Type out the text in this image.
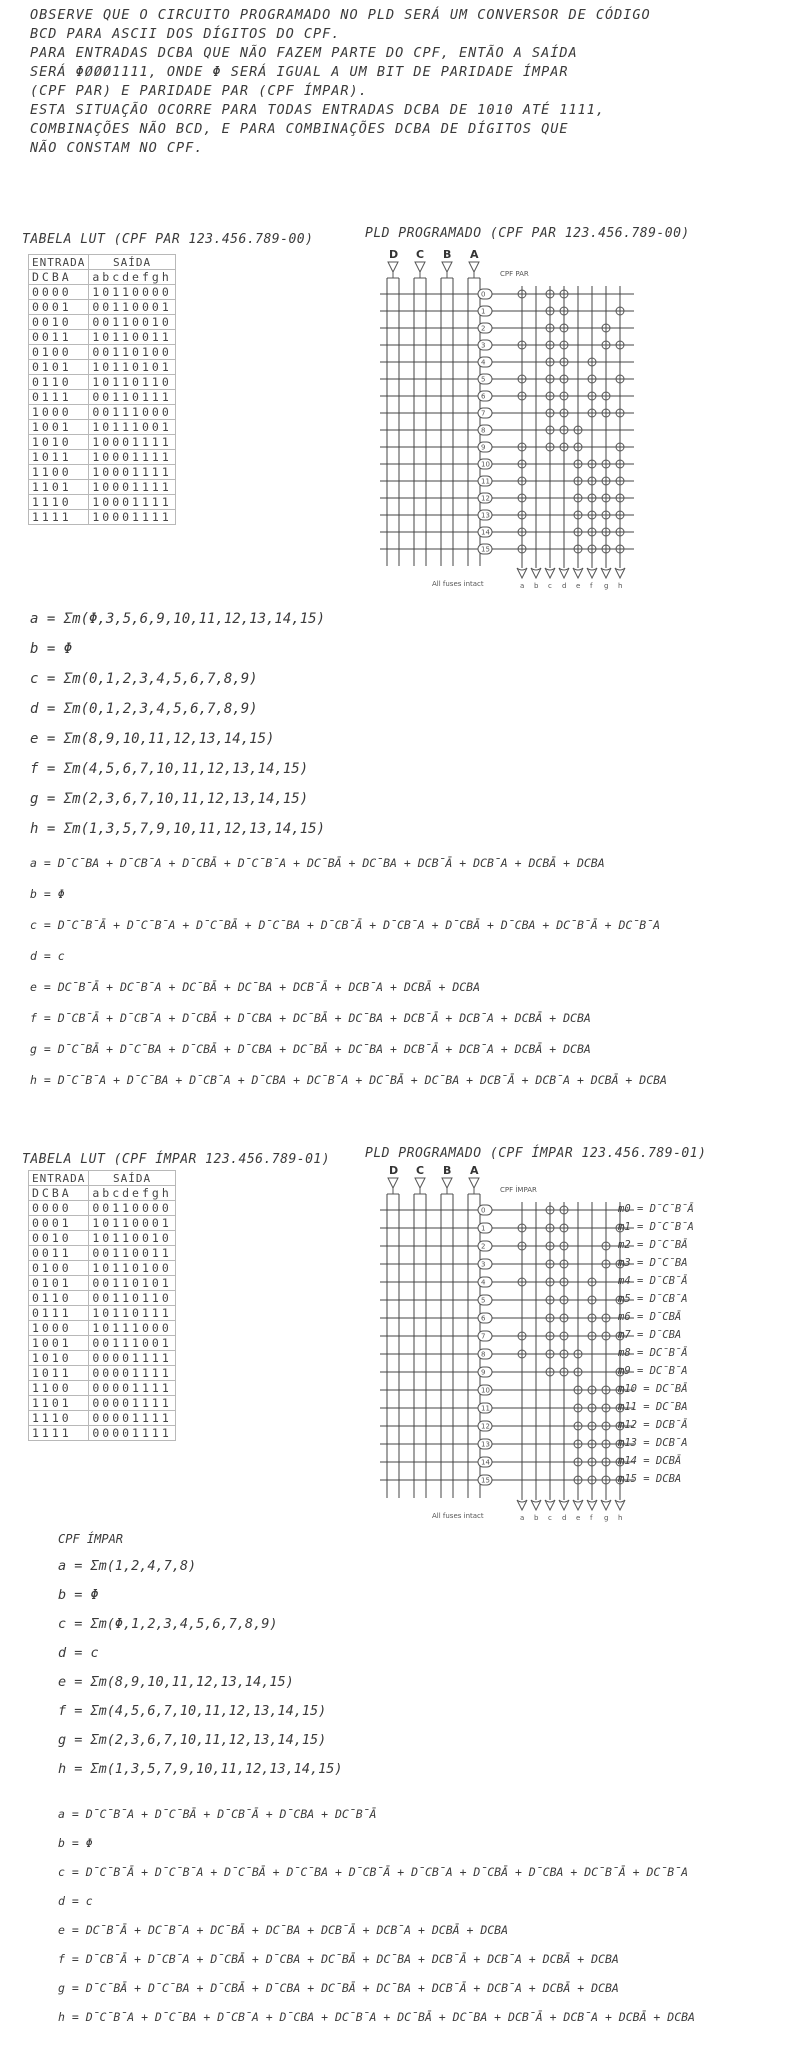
OBSERVE QUE O CIRCUITO PROGRAMADO NO PLD SERÁ UM CONVERSOR DE CÓDIGO
BCD PARA ASCII DOS DÍGITOS DO CPF.
PARA ENTRADAS DCBA QUE NÃO FAZEM PARTE DO CPF, ENTÃO A SAÍDA
SERÁ ΦØØØ1111, ONDE Φ SERÁ IGUAL A UM BIT DE PARIDADE ÍMPAR
(CPF PAR) E PARIDADE PAR (CPF ÍMPAR).
ESTA SITUAÇÃO OCORRE PARA TODAS ENTRADAS DCBA DE 1010 ATÉ 1111,
COMBINAÇÕES NÃO BCD, E PARA COMBINAÇÕES DCBA DE DÍGITOS QUE
NÃO CONSTAM NO CPF.
TABELA LUT (CPF PAR 123.456.789-00)	PLD PROGRAMADO (CPF PAR 123.456.789-00)
ENTRADA	SAÍDA
DCBA	abcdefgh
0000	10110000
0001	00110001
0010	00110010
0011	10110011
0100	00110100
0101	10110101
0110	10110110
0111	00110111
1000	00111000
1001	10111001
1010	10001111
1011	10001111
1100	10001111
1101	10001111
1110	10001111
1111	10001111
D C B A
CPF PAR
0
1
2
3
4
5
6
7
8
9
10
11
12
13
14
15
a b c d e f g h
All fuses intact
a = Σm(Φ,3,5,6,9,10,11,12,13,14,15)
b = Φ
c = Σm(0,1,2,3,4,5,6,7,8,9)
d = Σm(0,1,2,3,4,5,6,7,8,9)
e = Σm(8,9,10,11,12,13,14,15)
f = Σm(4,5,6,7,10,11,12,13,14,15)
g = Σm(2,3,6,7,10,11,12,13,14,15)
h = Σm(1,3,5,7,9,10,11,12,13,14,15)
a = D̄C̄BA + D̄CB̄A + D̄CBĀ + D̄C̄B̄A + DC̄BĀ + DC̄BA + DCB̄Ā + DCB̄A + DCBĀ + DCBA
b = Φ
c = D̄C̄B̄Ā + D̄C̄B̄A + D̄C̄BĀ + D̄C̄BA + D̄CB̄Ā + D̄CB̄A + D̄CBĀ + D̄CBA + DC̄B̄Ā + DC̄B̄A
d = c
e = DC̄B̄Ā + DC̄B̄A + DC̄BĀ + DC̄BA + DCB̄Ā + DCB̄A + DCBĀ + DCBA
f = D̄CB̄Ā + D̄CB̄A + D̄CBĀ + D̄CBA + DC̄BĀ + DC̄BA + DCB̄Ā + DCB̄A + DCBĀ + DCBA
g = D̄C̄BĀ + D̄C̄BA + D̄CBĀ + D̄CBA + DC̄BĀ + DC̄BA + DCB̄Ā + DCB̄A + DCBĀ + DCBA
h = D̄C̄B̄A + D̄C̄BA + D̄CB̄A + D̄CBA + DC̄B̄A + DC̄BĀ + DC̄BA + DCB̄Ā + DCB̄A + DCBĀ + DCBA
TABELA LUT (CPF ÍMPAR 123.456.789-01)	PLD PROGRAMADO (CPF ÍMPAR 123.456.789-01)
ENTRADA	SAÍDA
DCBA	abcdefgh
0000	00110000
0001	10110001
0010	10110010
0011	00110011
0100	10110100
0101	00110101
0110	00110110
0111	10110111
1000	10111000
1001	00111001
1010	00001111
1011	00001111
1100	00001111
1101	00001111
1110	00001111
1111	00001111
D C B A
CPF ÍMPAR
0
1
2
3
4
5
6
7
8
9
10
11
12
13
14
15
a b c d e f g h
All fuses intact
m0 = D̄C̄B̄Ā
m1 = D̄C̄B̄A
m2 = D̄C̄BĀ
m3 = D̄C̄BA
m4 = D̄CB̄Ā
m5 = D̄CB̄A
m6 = D̄CBĀ
m7 = D̄CBA
m8 = DC̄B̄Ā
m9 = DC̄B̄A
m10 = DC̄BĀ
m11 = DC̄BA
m12 = DCB̄Ā
m13 = DCB̄A
m14 = DCBĀ
m15 = DCBA
CPF ÍMPAR
a = Σm(1,2,4,7,8)
b = Φ
c = Σm(Φ,1,2,3,4,5,6,7,8,9)
d = c
e = Σm(8,9,10,11,12,13,14,15)
f = Σm(4,5,6,7,10,11,12,13,14,15)
g = Σm(2,3,6,7,10,11,12,13,14,15)
h = Σm(1,3,5,7,9,10,11,12,13,14,15)
a = D̄C̄B̄A + D̄C̄BĀ + D̄CB̄Ā + D̄CBA + DC̄B̄Ā
b = Φ
c = D̄C̄B̄Ā + D̄C̄B̄A + D̄C̄BĀ + D̄C̄BA + D̄CB̄Ā + D̄CB̄A + D̄CBĀ + D̄CBA + DC̄B̄Ā + DC̄B̄A
d = c
e = DC̄B̄Ā + DC̄B̄A + DC̄BĀ + DC̄BA + DCB̄Ā + DCB̄A + DCBĀ + DCBA
f = D̄CB̄Ā + D̄CB̄A + D̄CBĀ + D̄CBA + DC̄BĀ + DC̄BA + DCB̄Ā + DCB̄A + DCBĀ + DCBA
g = D̄C̄BĀ + D̄C̄BA + D̄CBĀ + D̄CBA + DC̄BĀ + DC̄BA + DCB̄Ā + DCB̄A + DCBĀ + DCBA
h = D̄C̄B̄A + D̄C̄BA + D̄CB̄A + D̄CBA + DC̄B̄A + DC̄BĀ + DC̄BA + DCB̄Ā + DCB̄A + DCBĀ + DCBA
